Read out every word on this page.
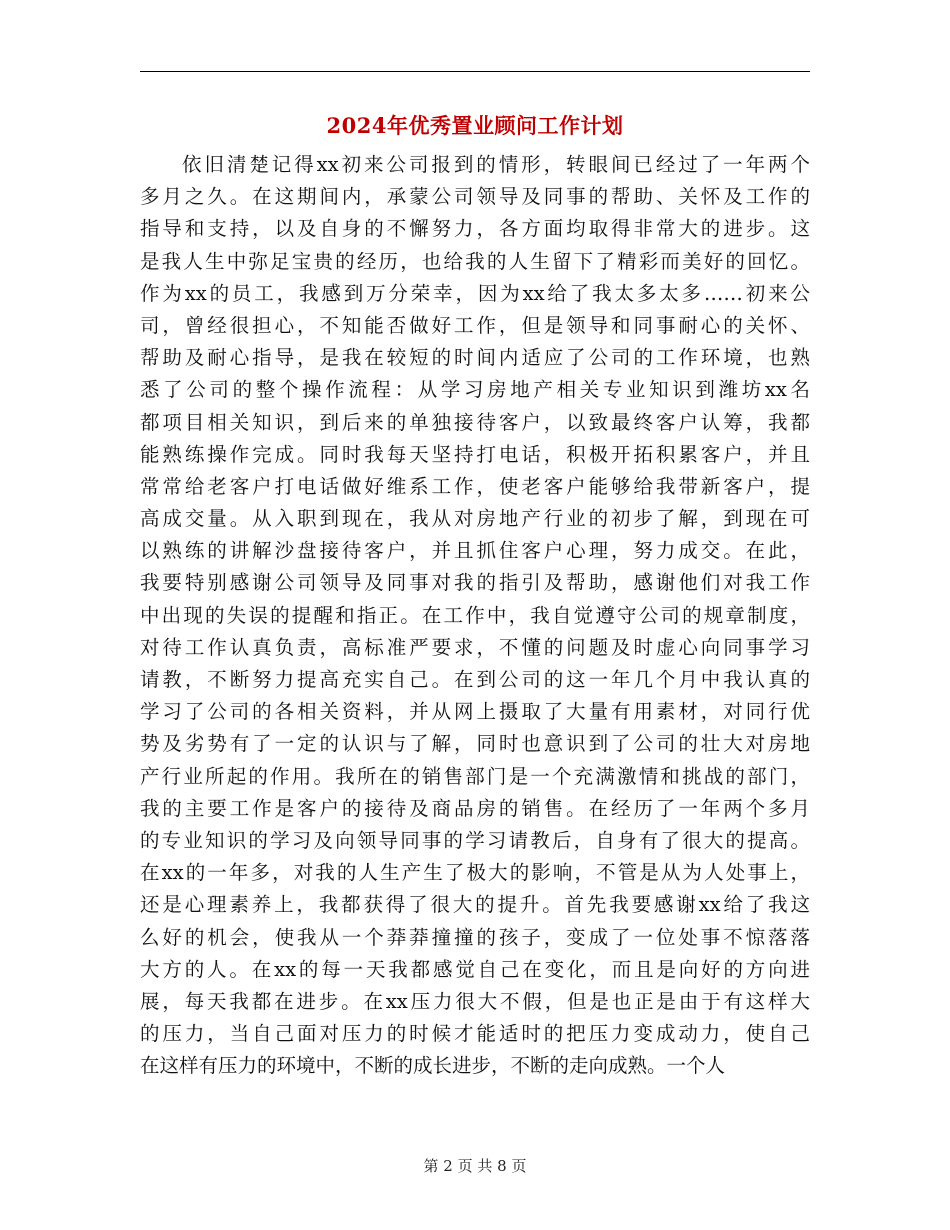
2024年优秀置业顾问工作计划
依旧清楚记得xx初来公司报到的情形，转眼间已经过了一年两个
多月之久。在这期间内，承蒙公司领导及同事的帮助、关怀及工作的
指导和支持，以及自身的不懈努力，各方面均取得非常大的进步。这
是我人生中弥足宝贵的经历，也给我的人生留下了精彩而美好的回忆。
作为xx的员工，我感到万分荣幸，因为xx给了我太多太多……初来公
司，曾经很担心，不知能否做好工作，但是领导和同事耐心的关怀、
帮助及耐心指导，是我在较短的时间内适应了公司的工作环境，也熟
悉了公司的整个操作流程：从学习房地产相关专业知识到潍坊xx名
都项目相关知识，到后来的单独接待客户，以致最终客户认筹，我都
能熟练操作完成。同时我每天坚持打电话，积极开拓积累客户，并且
常常给老客户打电话做好维系工作，使老客户能够给我带新客户，提
高成交量。从入职到现在，我从对房地产行业的初步了解，到现在可
以熟练的讲解沙盘接待客户，并且抓住客户心理，努力成交。在此，
我要特别感谢公司领导及同事对我的指引及帮助，感谢他们对我工作
中出现的失误的提醒和指正。在工作中，我自觉遵守公司的规章制度，
对待工作认真负责，高标准严要求，不懂的问题及时虚心向同事学习
请教，不断努力提高充实自己。在到公司的这一年几个月中我认真的
学习了公司的各相关资料，并从网上摄取了大量有用素材，对同行优
势及劣势有了一定的认识与了解，同时也意识到了公司的壮大对房地
产行业所起的作用。我所在的销售部门是一个充满激情和挑战的部门，
我的主要工作是客户的接待及商品房的销售。在经历了一年两个多月
的专业知识的学习及向领导同事的学习请教后，自身有了很大的提高。
在xx的一年多，对我的人生产生了极大的影响，不管是从为人处事上，
还是心理素养上，我都获得了很大的提升。首先我要感谢xx给了我这
么好的机会，使我从一个莽莽撞撞的孩子，变成了一位处事不惊落落
大方的人。在xx的每一天我都感觉自己在变化，而且是向好的方向进
展，每天我都在进步。在xx压力很大不假，但是也正是由于有这样大
的压力，当自己面对压力的时候才能适时的把压力变成动力，使自己
在这样有压力的环境中，不断的成长进步，不断的走向成熟。一个人
第 2 页 共 8 页
